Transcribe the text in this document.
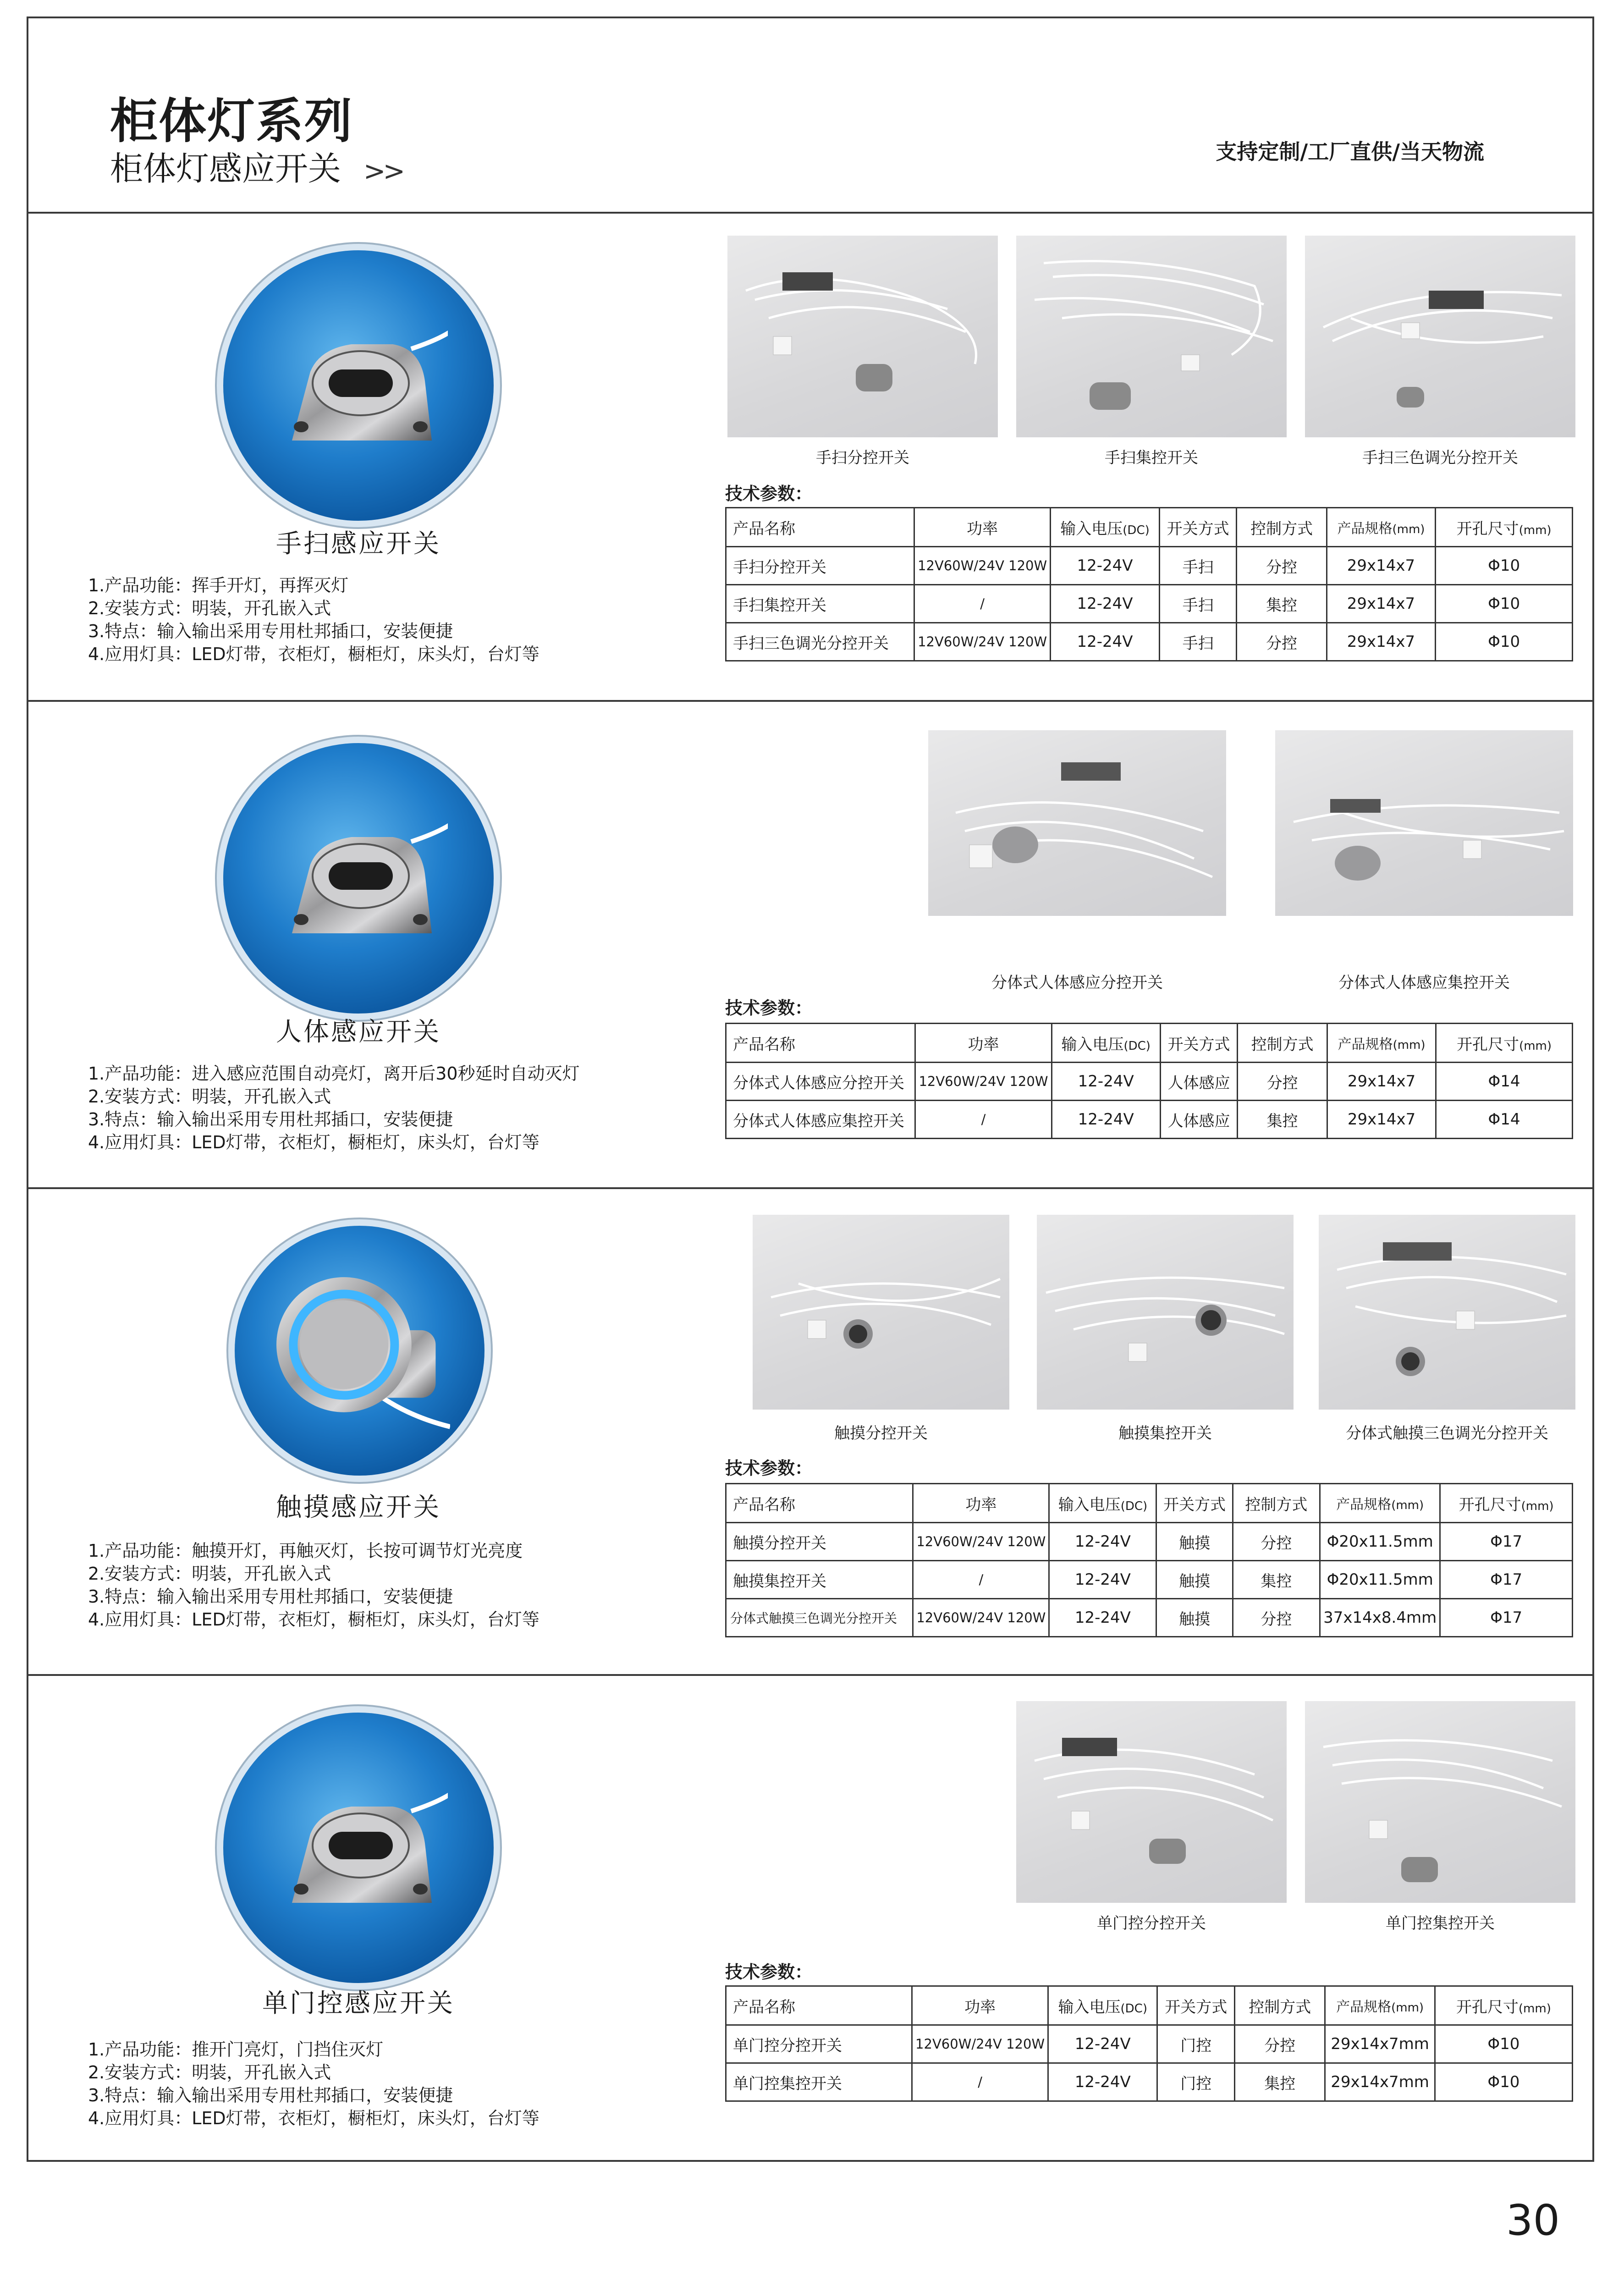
柜体灯系列
柜体灯感应开关 >>
支持定制/工厂直供/当天物流
手扫感应开关
1.产品功能：挥手开灯，再挥灭灯
2.安装方式：明装，开孔嵌入式
3.特点：输入输出采用专用杜邦插口，安装便捷
4.应用灯具：LED灯带，衣柜灯，橱柜灯，床头灯，台灯等
手扫分控开关	手扫集控开关	手扫三色调光分控开关
技术参数：
产品名称	功率	输入电压(DC)	开关方式	控制方式	产品规格(mm)	开孔尺寸(mm)
手扫分控开关	12V60W/24V 120W	12-24V	手扫	分控	29x14x7	Φ10
手扫集控开关	/	12-24V	手扫	集控	29x14x7	Φ10
手扫三色调光分控开关	12V60W/24V 120W	12-24V	手扫	分控	29x14x7	Φ10
人体感应开关
1.产品功能：进入感应范围自动亮灯，离开后30秒延时自动灭灯
2.安装方式：明装，开孔嵌入式
3.特点：输入输出采用专用杜邦插口，安装便捷
4.应用灯具：LED灯带，衣柜灯，橱柜灯，床头灯，台灯等
分体式人体感应分控开关	分体式人体感应集控开关
技术参数：
产品名称	功率	输入电压(DC)	开关方式	控制方式	产品规格(mm)	开孔尺寸(mm)
分体式人体感应分控开关	12V60W/24V 120W	12-24V	人体感应	分控	29x14x7	Φ14
分体式人体感应集控开关	/	12-24V	人体感应	集控	29x14x7	Φ14
触摸感应开关
1.产品功能：触摸开灯，再触灭灯，长按可调节灯光亮度
2.安装方式：明装，开孔嵌入式
3.特点：输入输出采用专用杜邦插口，安装便捷
4.应用灯具：LED灯带，衣柜灯，橱柜灯，床头灯，台灯等
触摸分控开关	触摸集控开关	分体式触摸三色调光分控开关
技术参数：
产品名称	功率	输入电压(DC)	开关方式	控制方式	产品规格(mm)	开孔尺寸(mm)
触摸分控开关	12V60W/24V 120W	12-24V	触摸	分控	Φ20x11.5mm	Φ17
触摸集控开关	/	12-24V	触摸	集控	Φ20x11.5mm	Φ17
分体式触摸三色调光分控开关	12V60W/24V 120W	12-24V	触摸	分控	37x14x8.4mm	Φ17
单门控感应开关
1.产品功能：推开门亮灯，门挡住灭灯
2.安装方式：明装，开孔嵌入式
3.特点：输入输出采用专用杜邦插口，安装便捷
4.应用灯具：LED灯带，衣柜灯，橱柜灯，床头灯，台灯等
单门控分控开关	单门控集控开关
技术参数：
产品名称	功率	输入电压(DC)	开关方式	控制方式	产品规格(mm)	开孔尺寸(mm)
单门控分控开关	12V60W/24V 120W	12-24V	门控	分控	29x14x7mm	Φ10
单门控集控开关	/	12-24V	门控	集控	29x14x7mm	Φ10
30
